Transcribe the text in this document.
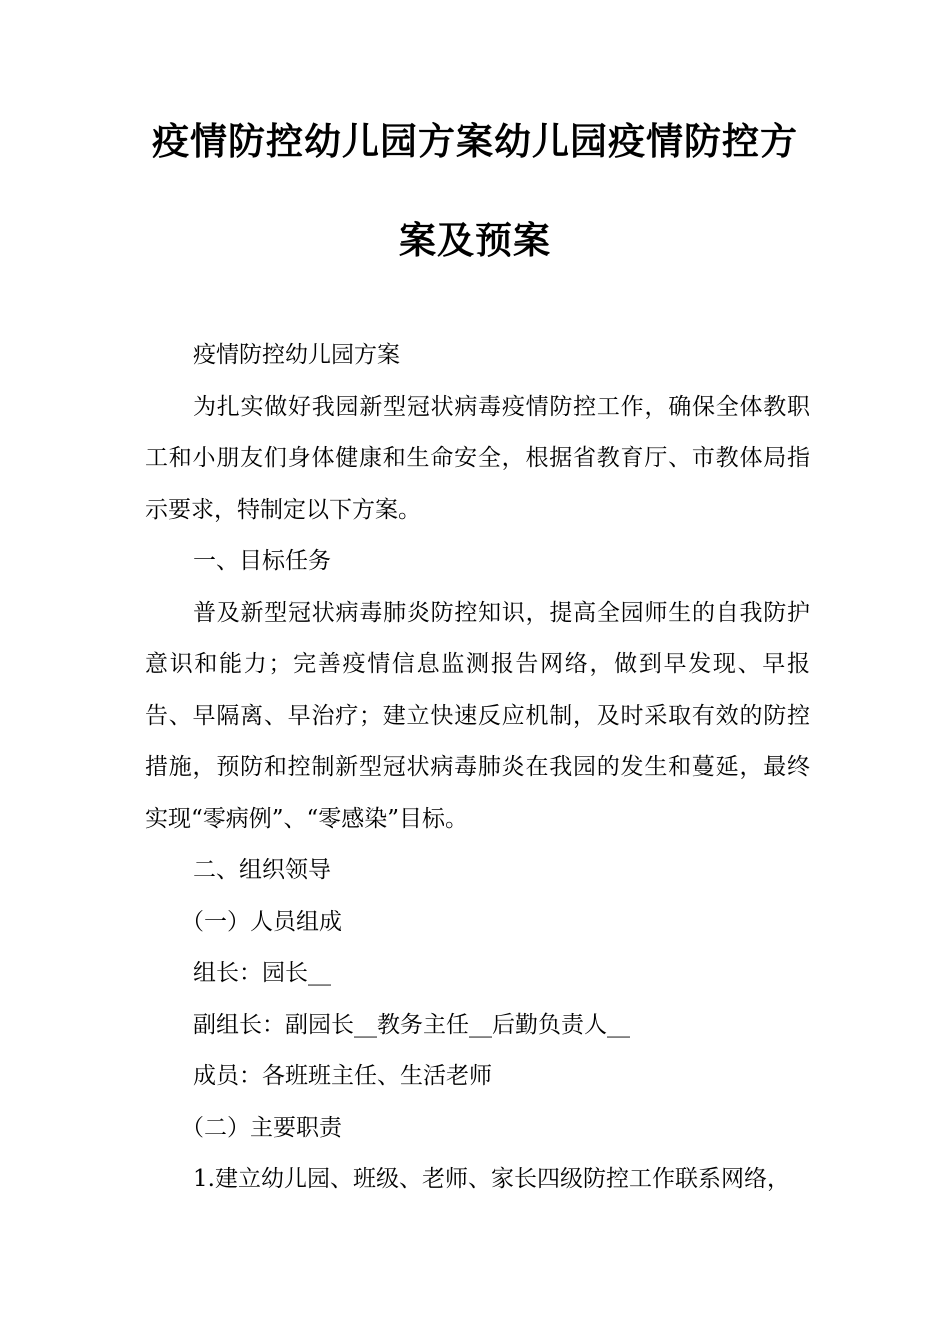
疫情防控幼儿园方案幼儿园疫情防控方
案及预案

疫情防控幼儿园方案

为扎实做好我园新型冠状病毒疫情防控工作，确保全体教职工和小朋友们身体健康和生命安全，根据省教育厅、市教体局指示要求，特制定以下方案。

一、目标任务

普及新型冠状病毒肺炎防控知识，提高全园师生的自我防护意识和能力；完善疫情信息监测报告网络，做到早发现、早报告、早隔离、早治疗；建立快速反应机制，及时采取有效的防控措施，预防和控制新型冠状病毒肺炎在我园的发生和蔓延，最终实现“零病例”、“零感染”目标。

二、组织领导

（一）人员组成

组长：园长__

副组长：副园长__教务主任__后勤负责人__

成员：各班班主任、生活老师

（二）主要职责

1.建立幼儿园、班级、老师、家长四级防控工作联系网络，
